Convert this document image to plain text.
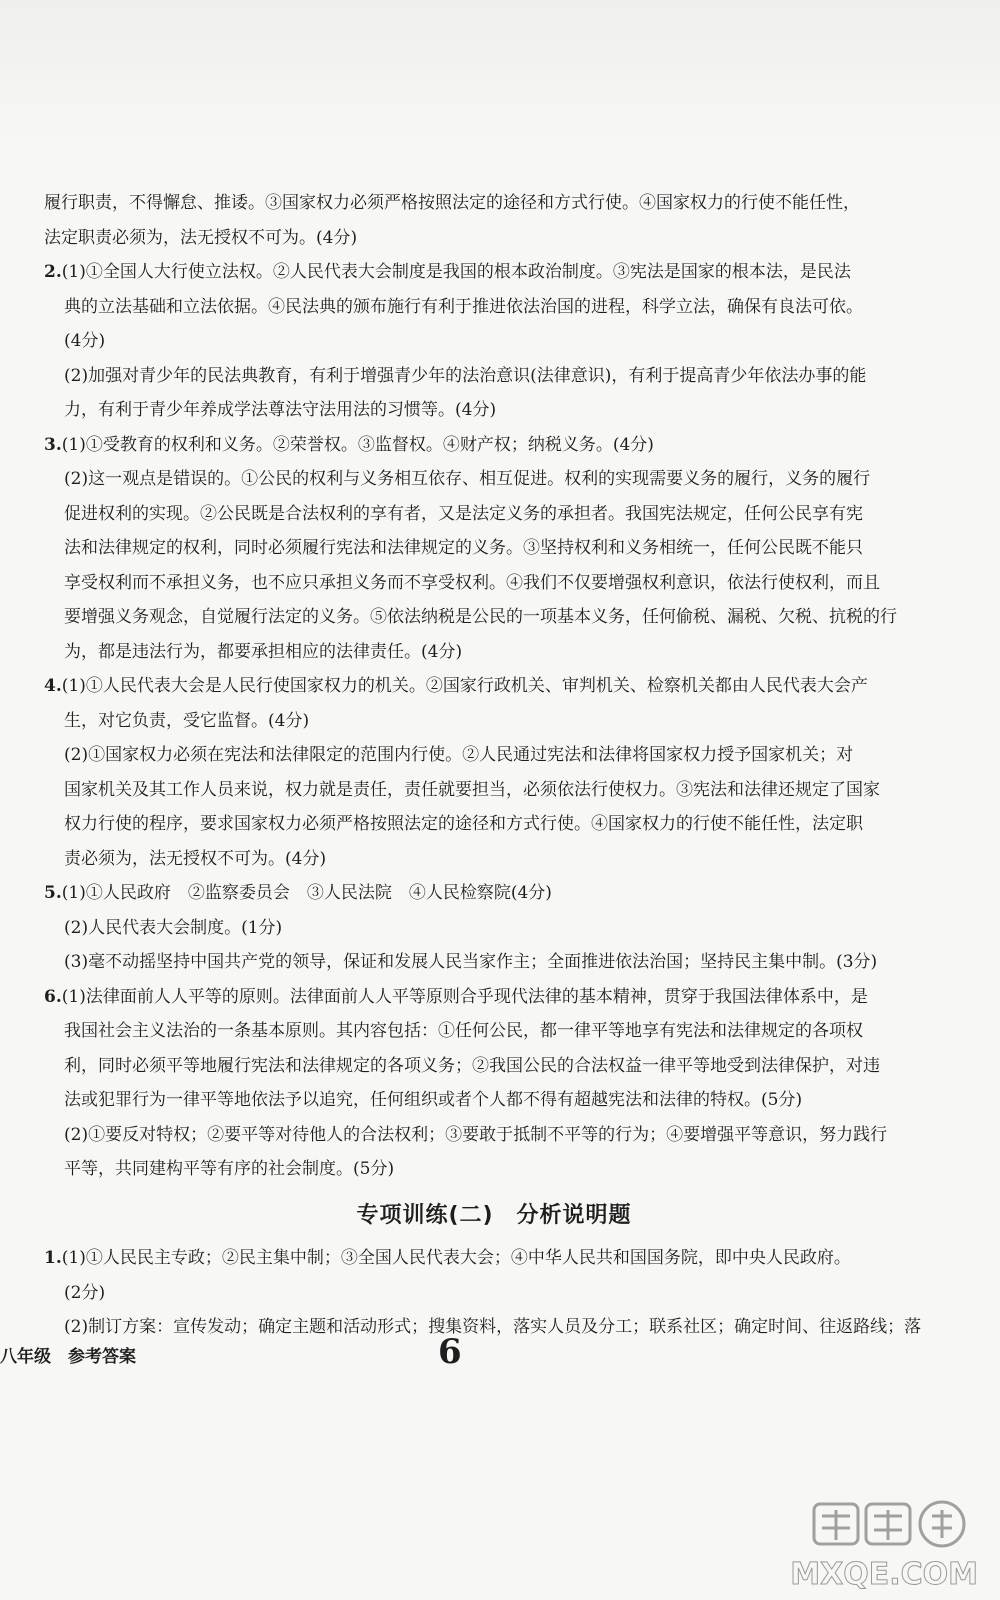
履行职责，不得懈怠、推诿。③国家权力必须严格按照法定的途径和方式行使。④国家权力的行使不能任性，

法定职责必须为，法无授权不可为。(4分)

2.(1)①全国人大行使立法权。②人民代表大会制度是我国的根本政治制度。③宪法是国家的根本法，是民法

典的立法基础和立法依据。④民法典的颁布施行有利于推进依法治国的进程，科学立法，确保有良法可依。

(4分)

(2)加强对青少年的民法典教育，有利于增强青少年的法治意识(法律意识)，有利于提高青少年依法办事的能

力，有利于青少年养成学法尊法守法用法的习惯等。(4分)

3.(1)①受教育的权利和义务。②荣誉权。③监督权。④财产权；纳税义务。(4分)

(2)这一观点是错误的。①公民的权利与义务相互依存、相互促进。权利的实现需要义务的履行，义务的履行

促进权利的实现。②公民既是合法权利的享有者，又是法定义务的承担者。我国宪法规定，任何公民享有宪

法和法律规定的权利，同时必须履行宪法和法律规定的义务。③坚持权利和义务相统一，任何公民既不能只

享受权利而不承担义务，也不应只承担义务而不享受权利。④我们不仅要增强权利意识，依法行使权利，而且

要增强义务观念，自觉履行法定的义务。⑤依法纳税是公民的一项基本义务，任何偷税、漏税、欠税、抗税的行

为，都是违法行为，都要承担相应的法律责任。(4分)

4.(1)①人民代表大会是人民行使国家权力的机关。②国家行政机关、审判机关、检察机关都由人民代表大会产

生，对它负责，受它监督。(4分)

(2)①国家权力必须在宪法和法律限定的范围内行使。②人民通过宪法和法律将国家权力授予国家机关；对

国家机关及其工作人员来说，权力就是责任，责任就要担当，必须依法行使权力。③宪法和法律还规定了国家

权力行使的程序，要求国家权力必须严格按照法定的途径和方式行使。④国家权力的行使不能任性，法定职

责必须为，法无授权不可为。(4分)

5.(1)①人民政府　②监察委员会　③人民法院　④人民检察院(4分)

(2)人民代表大会制度。(1分)

(3)毫不动摇坚持中国共产党的领导，保证和发展人民当家作主；全面推进依法治国；坚持民主集中制。(3分)

6.(1)法律面前人人平等的原则。法律面前人人平等原则合乎现代法律的基本精神，贯穿于我国法律体系中，是

我国社会主义法治的一条基本原则。其内容包括：①任何公民，都一律平等地享有宪法和法律规定的各项权

利，同时必须平等地履行宪法和法律规定的各项义务；②我国公民的合法权益一律平等地受到法律保护，对违

法或犯罪行为一律平等地依法予以追究，任何组织或者个人都不得有超越宪法和法律的特权。(5分)

(2)①要反对特权；②要平等对待他人的合法权利；③要敢于抵制不平等的行为；④要增强平等意识，努力践行

平等，共同建构平等有序的社会制度。(5分)

专项训练(二)　分析说明题

1.(1)①人民民主专政；②民主集中制；③全国人民代表大会；④中华人民共和国国务院，即中央人民政府。

(2分)

(2)制订方案：宣传发动；确定主题和活动形式；搜集资料，落实人员及分工；联系社区；确定时间、往返路线；落

八年级　参考答案	6
MXQE.COM
